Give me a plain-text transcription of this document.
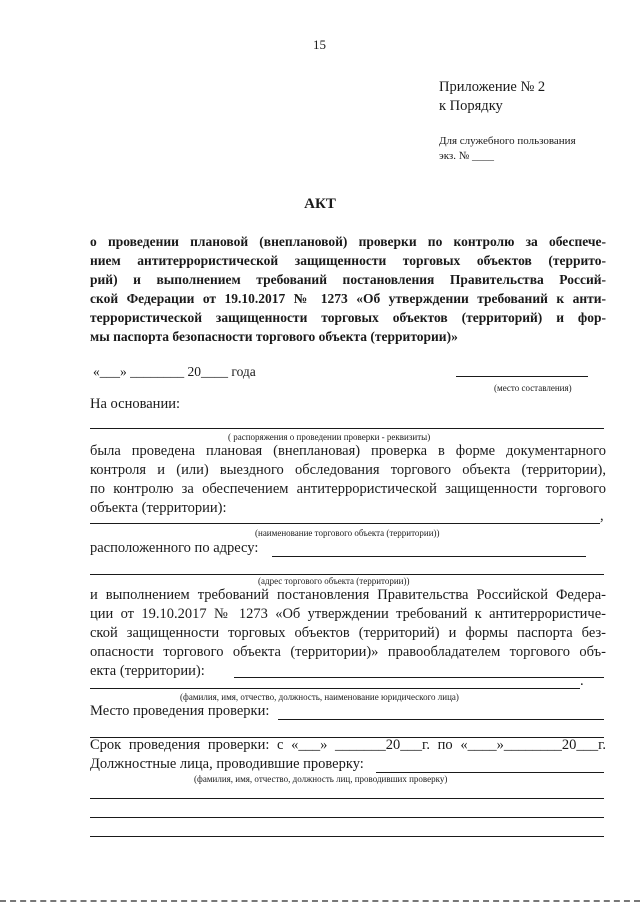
15
Приложение № 2
к Порядку
Для служебного пользования
экз. № ____
АКТ
о проведении плановой (внеплановой) проверки по контролю за обеспече-
нием антитеррористической защищенности торговых объектов (террито-
рий) и выполнением требований постановления Правительства Россий-
ской Федерации от 19.10.2017 № 1273 «Об утверждении требований к анти-
террористической защищенности торговых объектов (территорий) и фор-
мы паспорта безопасности торгового объекта (территории)»
«___» ________ 20____ года
(место составления)
На основании:
( распоряжения о проведении проверки - реквизиты)
была проведена плановая (внеплановая) проверка в форме документарного
контроля и (или) выездного обследования торгового объекта (территории),
по контролю за обеспечением антитеррористической защищенности торгового
объекта (территории):	,
(наименование торгового объекта (территории))
расположенного по адресу:
(адрес торгового объекта (территории))
и выполнением требований постановления Правительства Российской Федера-
ции от 19.10.2017 № 1273 «Об утверждении требований к антитеррористиче-
ской защищенности торговых объектов (территорий) и формы паспорта без-
опасности торгового объекта (территории)» правообладателем торгового объ-
екта (территории):
.
(фамилия, имя, отчество, должность, наименование юридического лица)
Место проведения проверки:
Срок проведения проверки: с «___» _______20___г. по «____»________20___г.
Должностные лица, проводившие проверку:
(фамилия, имя, отчество, должность лиц, проводивших проверку)
